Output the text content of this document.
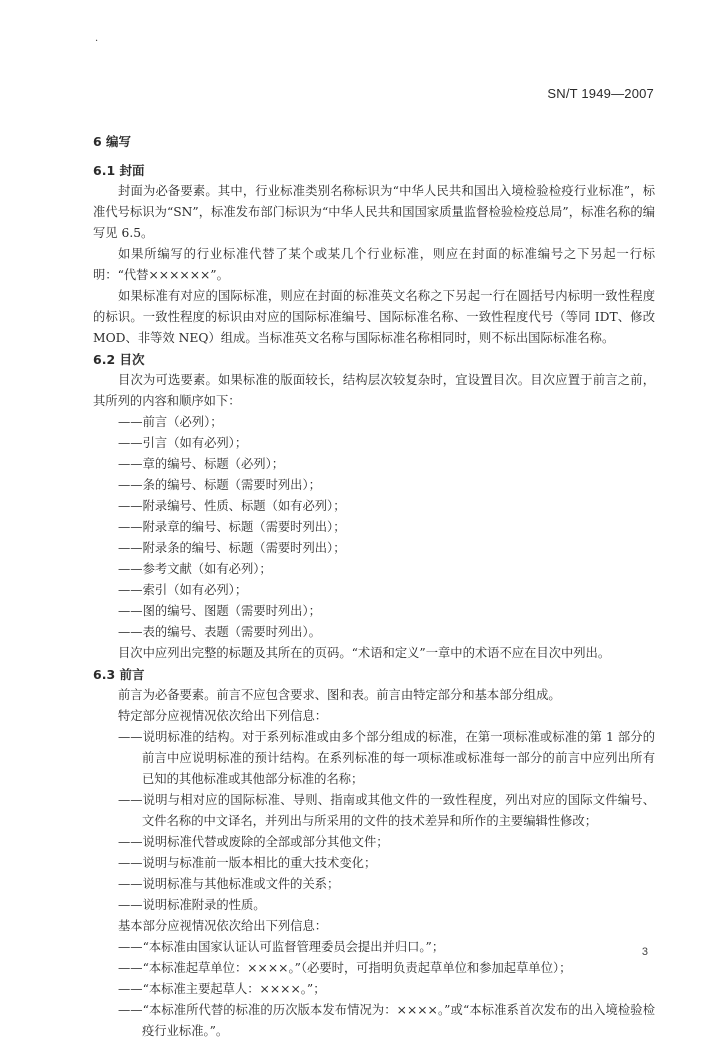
·
SN/T 1949—2007
6 编写
6.1 封面

封面为必备要素。其中，行业标准类别名称标识为“中华人民共和国出入境检验检疫行业标准”，标准代号标识为“SN”，标准发布部门标识为“中华人民共和国国家质量监督检验检疫总局”，标准名称的编写见 6.5。

如果所编写的行业标准代替了某个或某几个行业标准，则应在封面的标准编号之下另起一行标明：“代替××××××”。

如果标准有对应的国际标准，则应在封面的标准英文名称之下另起一行在圆括号内标明一致性程度的标识。一致性程度的标识由对应的国际标准编号、国际标准名称、一致性程度代号（等同 IDT、修改 MOD、非等效 NEQ）组成。当标准英文名称与国际标准名称相同时，则不标出国际标准名称。

6.2 目次

目次为可选要素。如果标准的版面较长，结构层次较复杂时，宜设置目次。目次应置于前言之前，其所列的内容和顺序如下：

——前言（必列）；
——引言（如有必列）；
——章的编号、标题（必列）；
——条的编号、标题（需要时列出）；
——附录编号、性质、标题（如有必列）；
——附录章的编号、标题（需要时列出）；
——附录条的编号、标题（需要时列出）；
——参考文献（如有必列）；
——索引（如有必列）；
——图的编号、图题（需要时列出）；
——表的编号、表题（需要时列出）。

目次中应列出完整的标题及其所在的页码。“术语和定义”一章中的术语不应在目次中列出。

6.3 前言

前言为必备要素。前言不应包含要求、图和表。前言由特定部分和基本部分组成。

特定部分应视情况依次给出下列信息：

——说明标准的结构。对于系列标准或由多个部分组成的标准，在第一项标准或标准的第 1 部分的前言中应说明标准的预计结构。在系列标准的每一项标准或标准每一部分的前言中应列出所有已知的其他标准或其他部分标准的名称；
——说明与相对应的国际标准、导则、指南或其他文件的一致性程度，列出对应的国际文件编号、文件名称的中文译名，并列出与所采用的文件的技术差异和所作的主要编辑性修改；
——说明标准代替或废除的全部或部分其他文件；
——说明与标准前一版本相比的重大技术变化；
——说明标准与其他标准或文件的关系；
——说明标准附录的性质。

基本部分应视情况依次给出下列信息：

——“本标准由国家认证认可监督管理委员会提出并归口。”；
——“本标准起草单位：××××。”（必要时，可指明负责起草单位和参加起草单位）；
——“本标准主要起草人：××××。”；
——“本标准所代替的标准的历次版本发布情况为：××××。”或“本标准系首次发布的出入境检验检疫行业标准。”。
3
